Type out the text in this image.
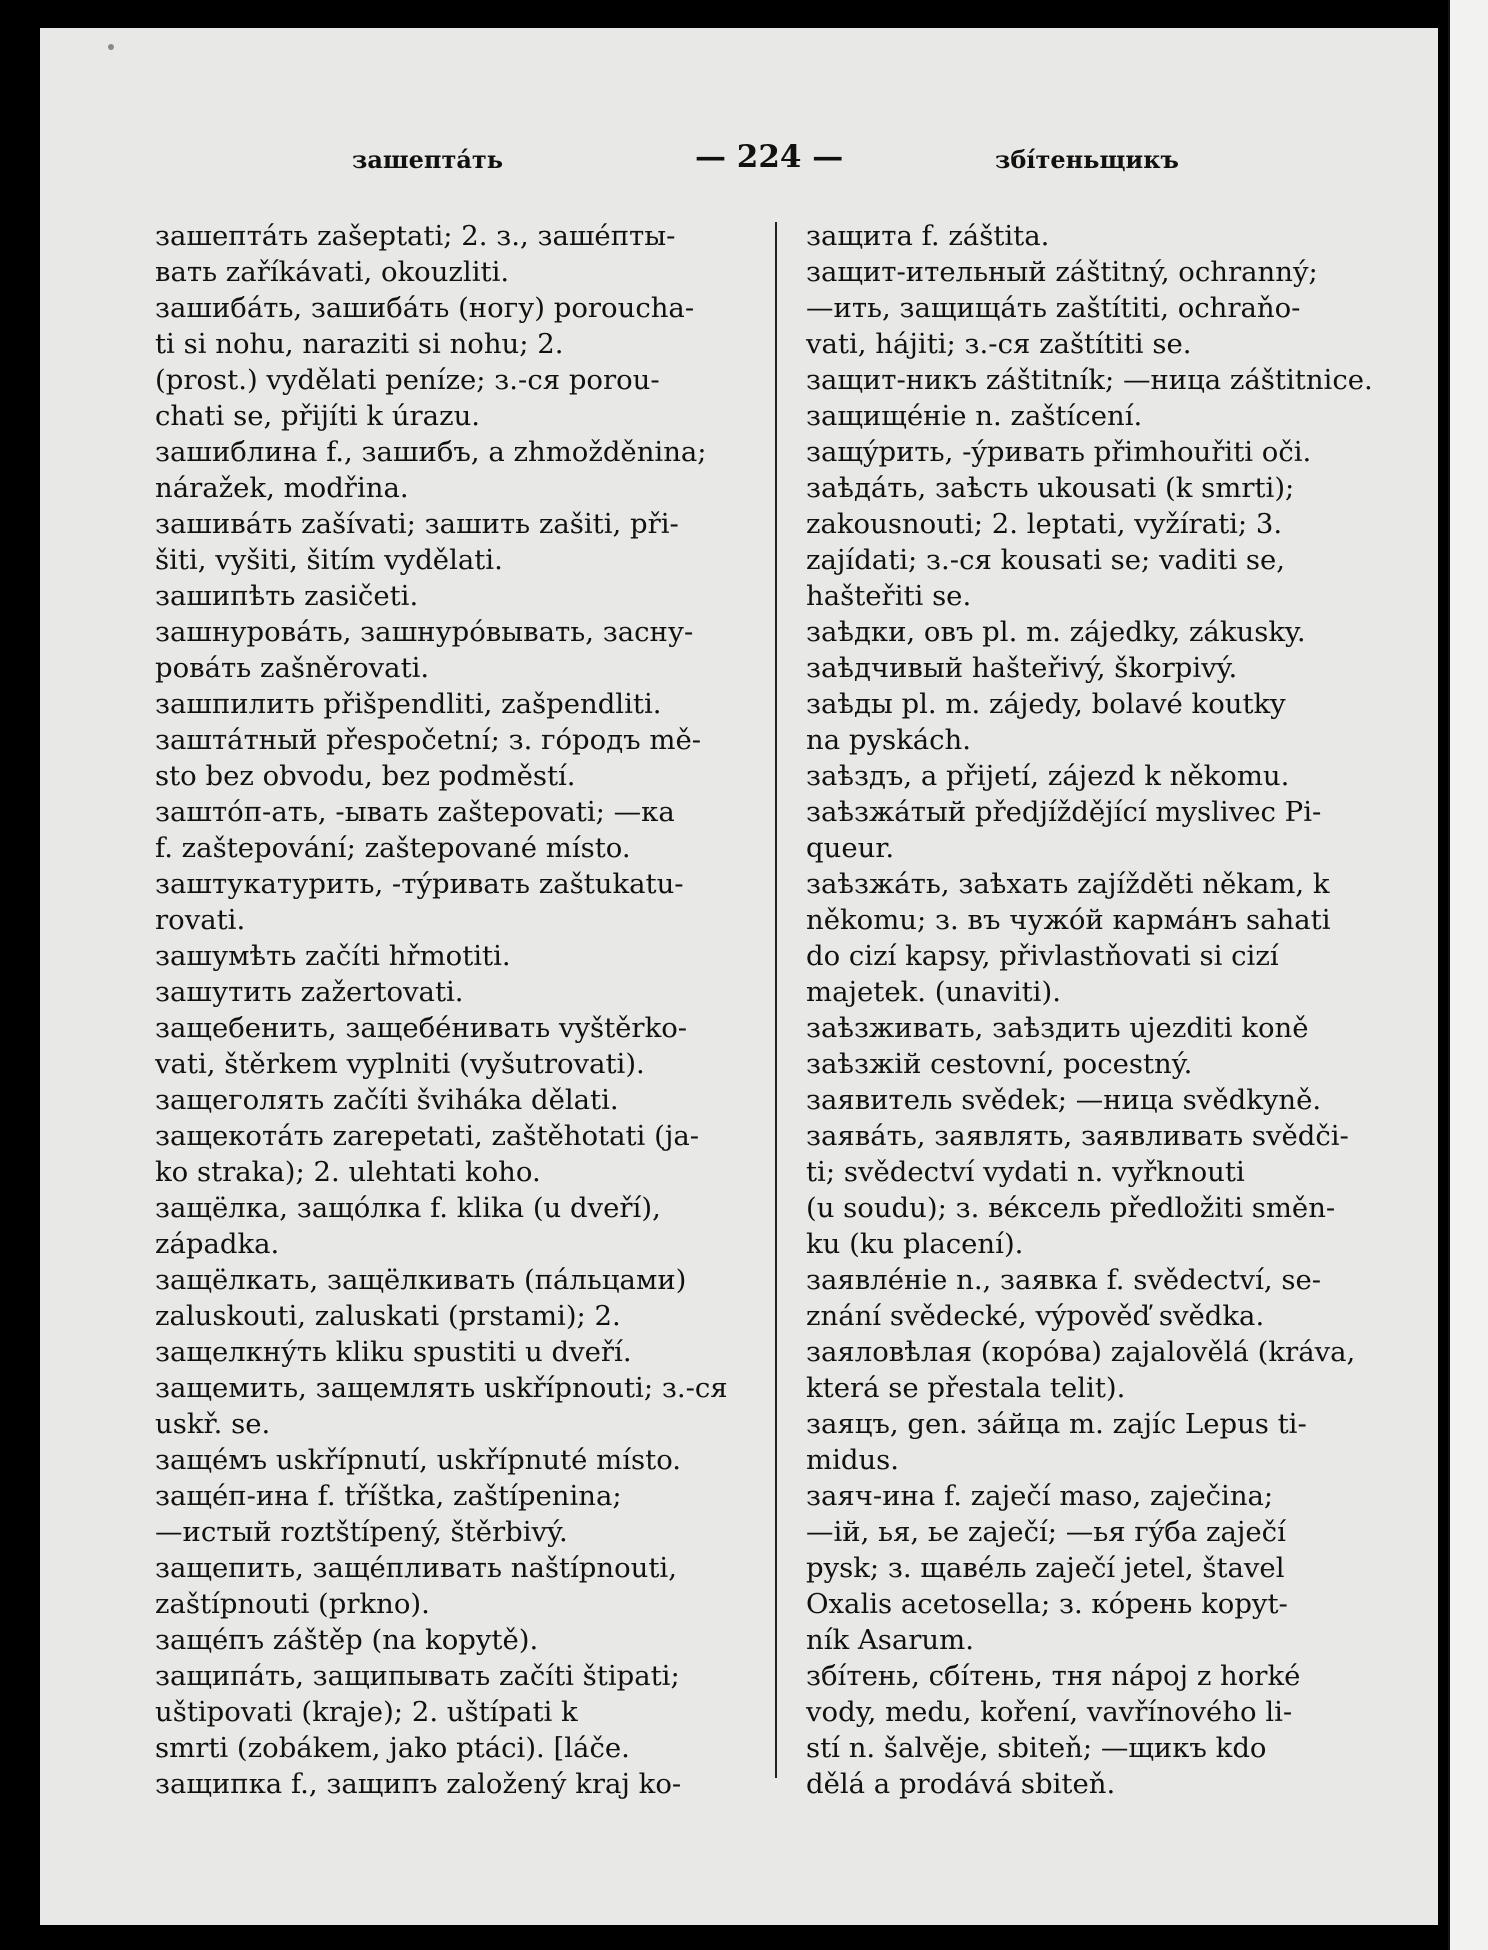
зашептáть	— 224 —	збíтеньщикъ
зашептáть zašeptati; 2. з., зашéпты-
вать zaříkávati, okouzliti.
зашибáть, зашибáть (ногу) poroucha-
ti si nohu, naraziti si nohu; 2.
(prost.) vydělati peníze; з.-ся porou-
chati se, přijíti k úrazu.
зашиблина f., зашибъ, a zhmožděnina;
náražek, modřina.
зашивáть zašívati; зашить zašiti, při-
šiti, vyšiti, šitím vydělati.
зашипѣть zasičeti.
зашнуровáть, зашнурóвывать, засну-
ровáть zašněrovati.
зашпилить přišpendliti, zašpendliti.
заштáтный přespočetní; з. гóродъ mě-
sto bez obvodu, bez podměstí.
заштóп-ать, -ывать zaštepovati; —ка
f. zaštepování; zaštepované místo.
заштукатурить, -тýривать zaštukatu-
rovati.
зашумѣть začíti hřmotiti.
зашутить zažertovati.
защебенить, защебéнивать vyštěrko-
vati, štěrkem vyplniti (vyšutrovati).
защеголять začíti šviháka dělati.
защекотáть zarepetati, zaštěhotati (ja-
ko straka); 2. ulehtati koho.
защёлка, защóлка f. klika (u dveří),
západka.
защёлкать, защёлкивать (пáльцами)
zaluskouti, zaluskati (prstami); 2.
защелкнýть kliku spustiti u dveří.
защемить, защемлять uskřípnouti; з.-ся
uskř. se.
защéмъ uskřípnutí, uskřípnuté místo.
защéп-ина f. tříštka, zaštípenina;
—истый roztštípený, štěrbivý.
защепить, защéпливать naštípnouti,
zaštípnouti (prkno).
защéпъ záštěp (na kopytě).
защипáть, защипывать začíti štipati;
uštipovati (kraje); 2. uštípati k
smrti (zobákem, jako ptáci). [láče.
защипка f., защипъ založený kraj ko-
защита f. záštita.
защит-ительный záštitný, ochranný;
—ить, защищáть zaštítiti, ochraňo-
vati, hájiti; з.-ся zaštítiti se.
защит-никъ záštitník; —ница záštitnice.
защищéніе n. zaštícení.
защýрить, -ýривать přimhouřiti oči.
заѣдáть, заѣсть ukousati (k smrti);
zakousnouti; 2. leptati, vyžírati; 3.
zajídati; з.-ся kousati se; vaditi se,
hašteřiti se.
заѣдки, овъ pl. m. zájedky, zákusky.
заѣдчивый hašteřivý, škorpivý.
заѣды pl. m. zájedy, bolavé koutky
na pyskách.
заѣздъ, a přijetí, zájezd k někomu.
заѣзжáтый předjíždějící myslivec Pi-
queur.
заѣзжáть, заѣхать zajížděti někam, k
někomu; з. въ чужóй кармáнъ sahati
do cizí kapsy, přivlastňovati si cizí
majetek. (unaviti).
заѣзживать, заѣздить ujezditi koně
заѣзжій cestovní, pocestný.
заявитель svědek; —ница svědkyně.
заявáть, заявлять, заявливать svědči-
ti; svědectví vydati n. vyřknouti
(u soudu); з. вéксель předložiti směn-
ku (ku placení).
заявлéніе n., заявка f. svědectví, se-
znání svědecké, výpověď svědka.
заяловѣлая (корóва) zajalovělá (kráva,
která se přestala telit).
заяцъ, gen. зáйца m. zajíc Lepus ti-
midus.
заяч-ина f. zaječí maso, zaječina;
—ій, ья, ье zaječí; —ья гýба zaječí
pysk; з. щавéль zaječí jetel, štavel
Oxalis acetosella; з. кóрень kopyt-
ník Asarum.
збíтень, сбíтень, тня nápoj z horké
vody, medu, koření, vavřínového li-
stí n. šalvěje, sbiteň; —щикъ kdo
dělá a prodává sbiteň.
